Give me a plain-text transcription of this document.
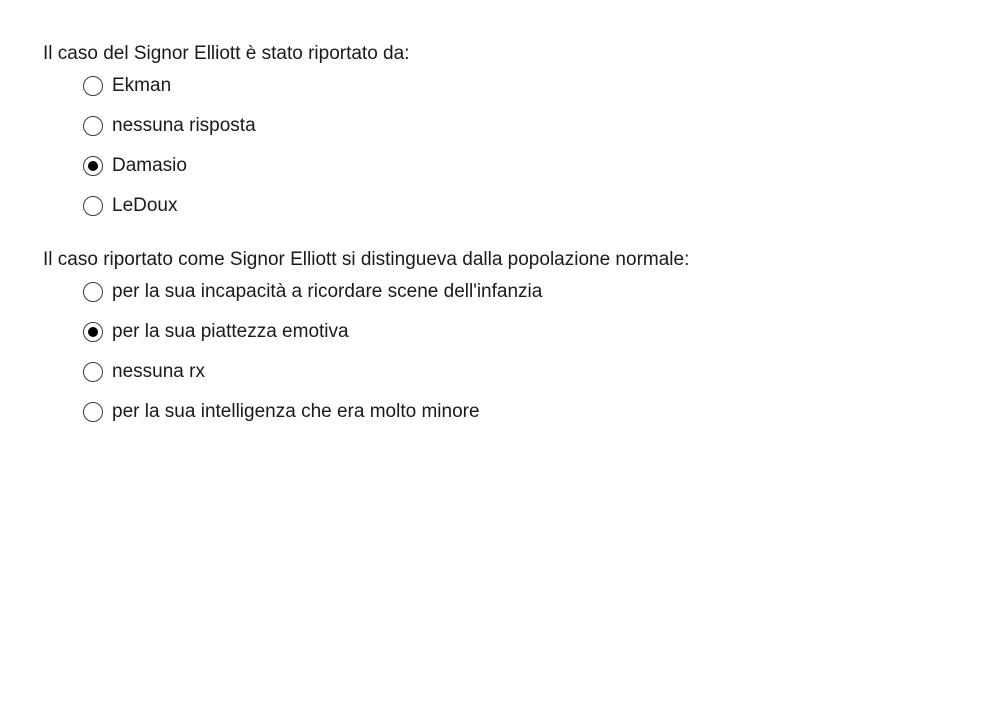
Il caso del Signor Elliott è stato riportato da:
Ekman
nessuna risposta
Damasio
LeDoux
Il caso riportato come Signor Elliott si distingueva dalla popolazione normale:
per la sua incapacità a ricordare scene dell'infanzia
per la sua piattezza emotiva
nessuna rx
per la sua intelligenza che era molto minore
